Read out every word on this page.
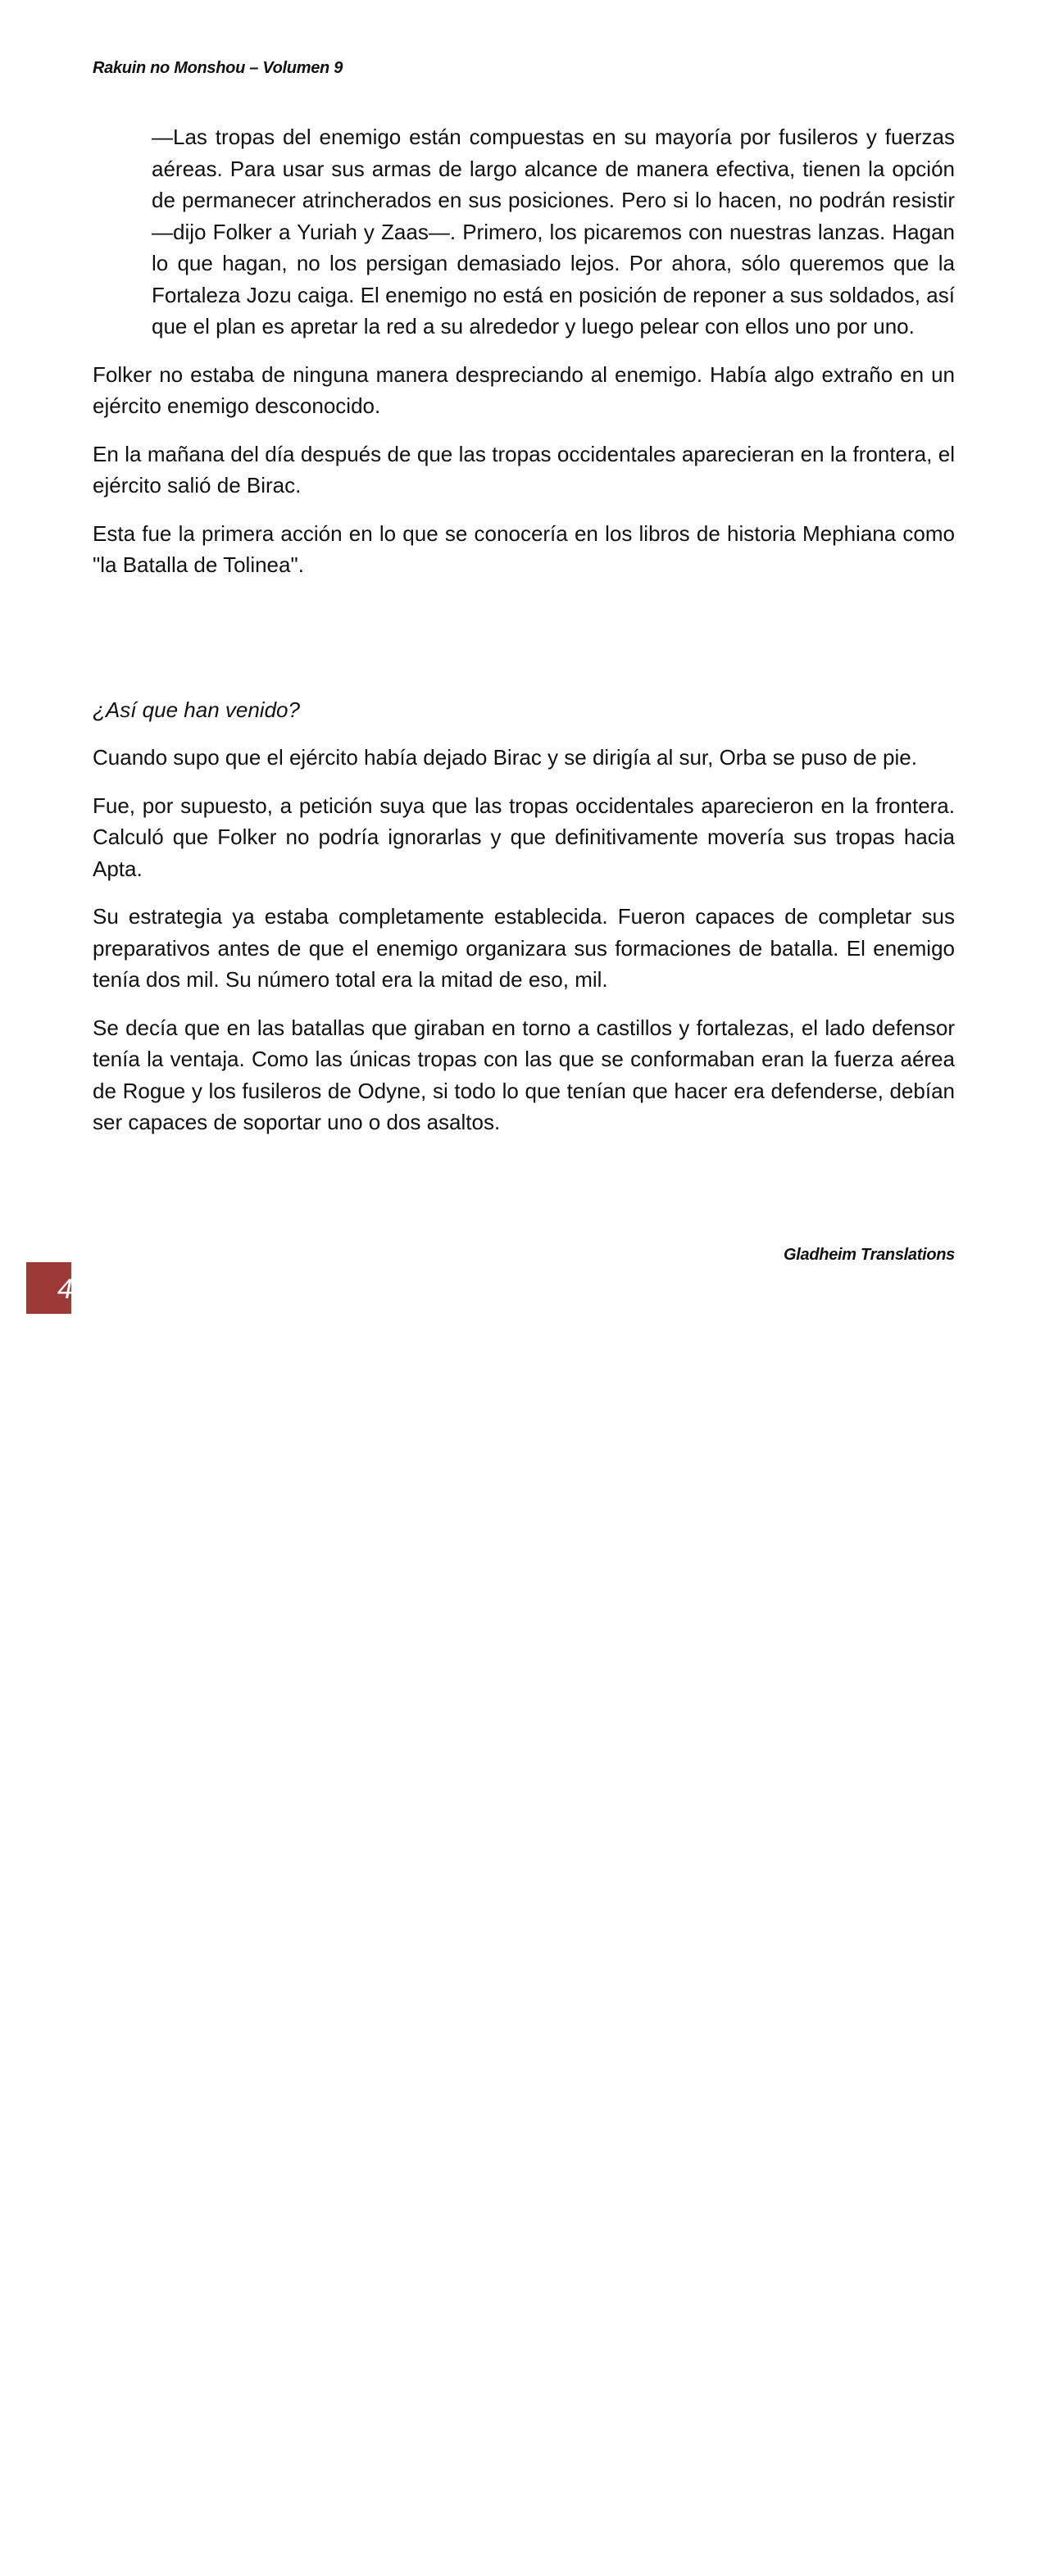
Rakuin no Monshou – Volumen 9

—Las tropas del enemigo están compuestas en su mayoría por fusileros y fuerzas aéreas. Para usar sus armas de largo alcance de manera efectiva, tienen la opción de permanecer atrincherados en sus posiciones. Pero si lo hacen, no podrán resistir —dijo Folker a Yuriah y Zaas—. Primero, los picaremos con nuestras lanzas. Hagan lo que hagan, no los persigan demasiado lejos. Por ahora, sólo queremos que la Fortaleza Jozu caiga. El enemigo no está en posición de reponer a sus soldados, así que el plan es apretar la red a su alrededor y luego pelear con ellos uno por uno.

Folker no estaba de ninguna manera despreciando al enemigo. Había algo extraño en un ejército enemigo desconocido.

En la mañana del día después de que las tropas occidentales aparecieran en la frontera, el ejército salió de Birac.

Esta fue la primera acción en lo que se conocería en los libros de historia Mephiana como "la Batalla de Tolinea".

¿Así que han venido?

Cuando supo que el ejército había dejado Birac y se dirigía al sur, Orba se puso de pie.

Fue, por supuesto, a petición suya que las tropas occidentales aparecieron en la frontera. Calculó que Folker no podría ignorarlas y que definitivamente movería sus tropas hacia Apta.

Su estrategia ya estaba completamente establecida. Fueron capaces de completar sus preparativos antes de que el enemigo organizara sus formaciones de batalla. El enemigo tenía dos mil. Su número total era la mitad de eso, mil.

Se decía que en las batallas que giraban en torno a castillos y fortalezas, el lado defensor tenía la ventaja. Como las únicas tropas con las que se conformaban eran la fuerza aérea de Rogue y los fusileros de Odyne, si todo lo que tenían que hacer era defenderse, debían ser capaces de soportar uno o dos asaltos.

Gladheim Translations
4
